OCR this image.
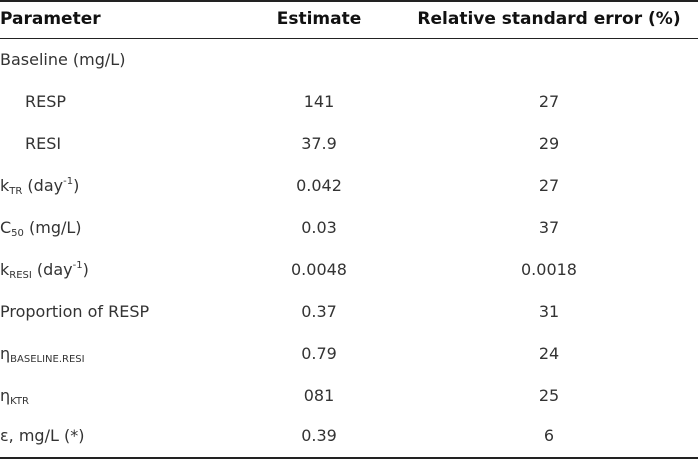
Parameter	Estimate	Relative standard error (%)
Baseline (mg/L)
RESP	141	27
RESI	37.9	29
$k_{TR}$ (day$^{-1}$)	0.042	27
$C_{50}$ (mg/L)	0.03	37
$k_{RESI}$ (day$^{-1}$)	0.0048	0.0018
Proportion of RESP	0.37	31
$\eta_{BASELINE.RESI}$	0.79	24
$\eta_{KTR}$	081	25
ε, mg/L (*)	0.39	6
